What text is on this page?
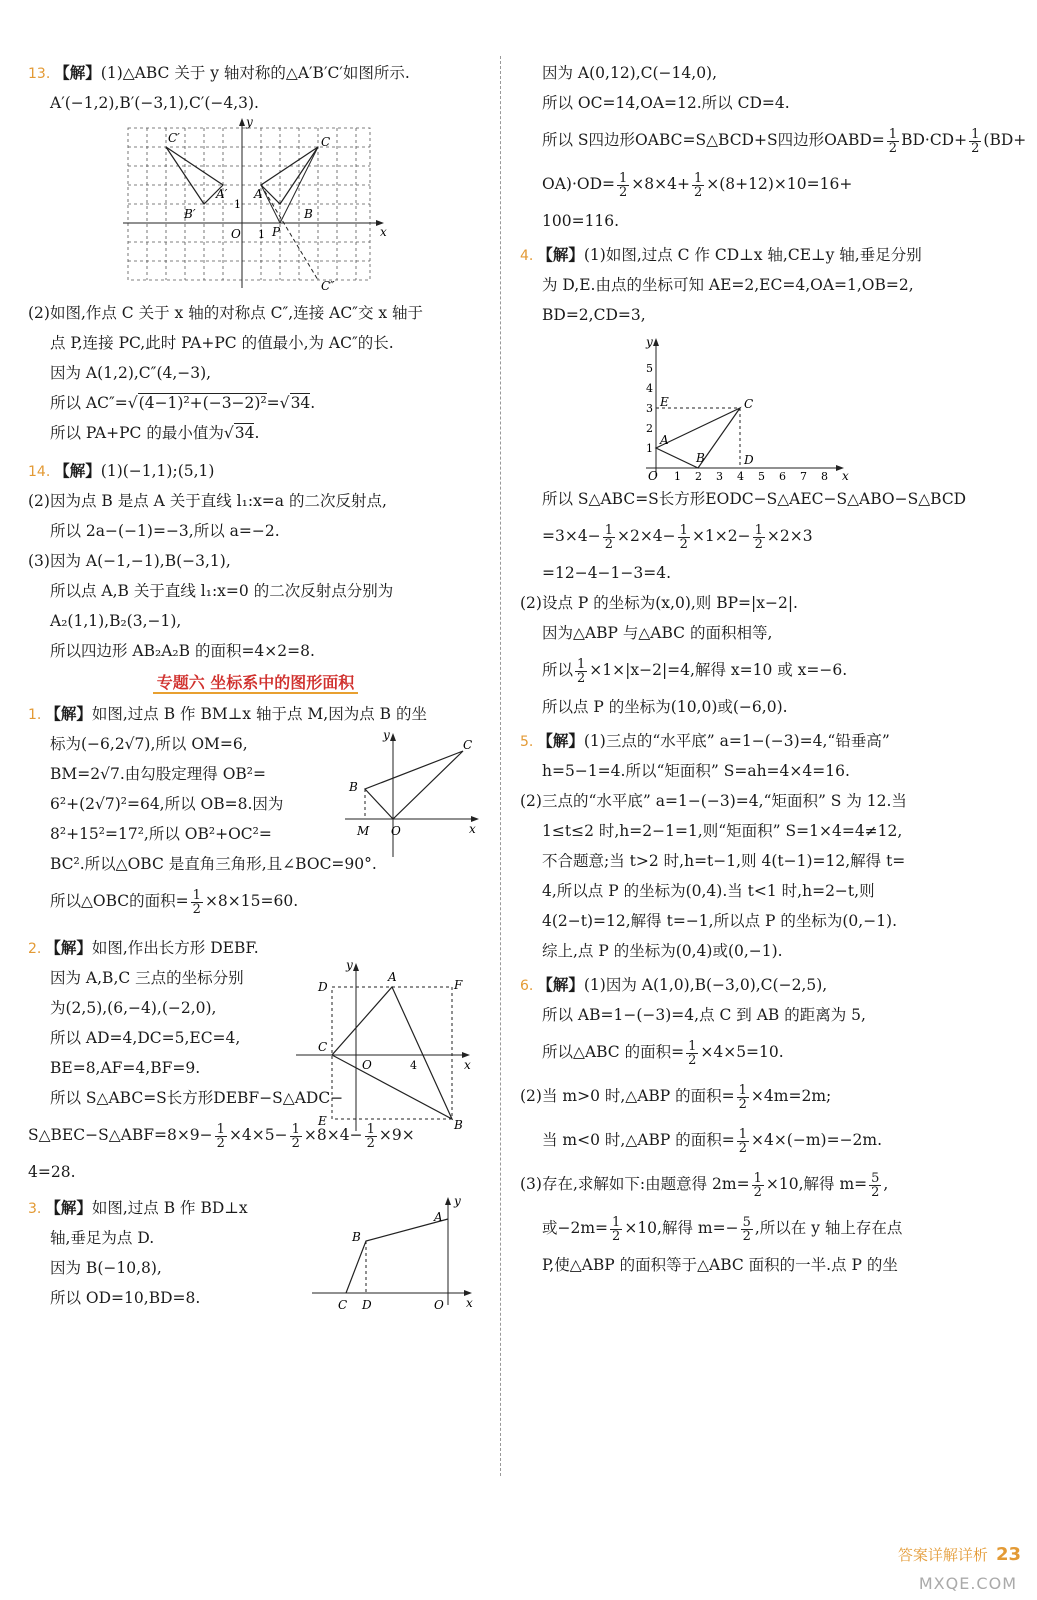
13. 【解】(1)△ABC 关于 y 轴对称的△A′B′C′如图所示.
A′(−1,2),B′(−3,1),C′(−4,3).
y
x
O 1
1
C′
A′
B′
C
A
B
P
C″
(2)如图,作点 C 关于 x 轴的对称点 C″,连接 AC″交 x 轴于
点 P,连接 PC,此时 PA+PC 的值最小,为 AC″的长.
因为 A(1,2),C″(4,−3),
所以 AC″=√(4−1)²+(−3−2)²=√34.
所以 PA+PC 的最小值为√34.
14. 【解】(1)(−1,1);(5,1)
(2)因为点 B 是点 A 关于直线 l₁:x=a 的二次反射点,
所以 2a−(−1)=−3,所以 a=−2.
(3)因为 A(−1,−1),B(−3,1),
所以点 A,B 关于直线 l₁:x=0 的二次反射点分别为
A₂(1,1),B₂(3,−1),
所以四边形 AB₂A₂B 的面积=4×2=8.
专题六 坐标系中的图形面积
1. 【解】如图,过点 B 作 BM⊥x 轴于点 M,因为点 B 的坐
标为(−6,2√7),所以 OM=6,
BM=2√7.由勾股定理得 OB²=
6²+(2√7)²=64,所以 OB=8.因为
8²+15²=17²,所以 OB²+OC²=
BC².所以△OBC 是直角三角形,且∠BOC=90°.
所以△OBC的面积= $\frac{1}{2} \times 8\times 15=60$.
y
x
O
M
B
C
2. 【解】如图,作出长方形 DEBF.
因为 A,B,C 三点的坐标分别
为(2,5),(6,−4),(−2,0),
所以 AD=4,DC=5,EC=4,
BE=8,AF=4,BF=9.
所以 S△ABC=S长方形DEBF−S△ADC−
S△BEC−S△ABF=8×9− $\frac{1}{2} \times 4\times 5- \frac{1}{2} \times 8\times 4- \frac{1}{2} \times 9\times$
4=28.
y
x
O	4
A
D	F
C
E	B
3. 【解】如图,过点 B 作 BD⊥x
轴,垂足为点 D.
因为 B(−10,8),
所以 OD=10,BD=8.
y
x
A
B
C D	O
因为 A(0,12),C(−14,0),
所以 OC=14,OA=12.所以 CD=4.
所以 S四边形OABC=S△BCD+S四边形OABD= $\frac{1}{2} BD\cdot CD+ \frac{1}{2} (BD+$
$OA)\cdot OD= \frac{1}{2} \times 8\times 4+ \frac{1}{2} \times(8+12)\times 10=16+$
100=116.
4. 【解】(1)如图,过点 C 作 CD⊥x 轴,CE⊥y 轴,垂足分别
为 D,E.由点的坐标可知 AE=2,EC=4,OA=1,OB=2,
BD=2,CD=3,
1 2 3 4 5 6 7 8
1
2
3
4
5
y
x
O
E
A
B
C
D
所以 S△ABC=S长方形EODC−S△AEC−S△ABO−S△BCD
$=3\times 4- \frac{1}{2} \times 2\times 4- \frac{1}{2} \times 1\times 2- \frac{1}{2} \times 2\times 3$
=12−4−1−3=4.
(2)设点 P 的坐标为(x,0),则 BP=|x−2|.
因为△ABP 与△ABC 的面积相等,
所以 $\frac{1}{2} \times 1\times|x-2|=4$,解得 x=10 或 x=−6.
所以点 P 的坐标为(10,0)或(−6,0).
5. 【解】(1)三点的“水平底” a=1−(−3)=4,“铅垂高”
h=5−1=4.所以“矩面积” S=ah=4×4=16.
(2)三点的“水平底” a=1−(−3)=4,“矩面积” S 为 12.当
1≤t≤2 时,h=2−1=1,则“矩面积” S=1×4=4≠12,
不合题意;当 t>2 时,h=t−1,则 4(t−1)=12,解得 t=
4,所以点 P 的坐标为(0,4).当 t<1 时,h=2−t,则
4(2−t)=12,解得 t=−1,所以点 P 的坐标为(0,−1).
综上,点 P 的坐标为(0,4)或(0,−1).
6. 【解】(1)因为 A(1,0),B(−3,0),C(−2,5),
所以 AB=1−(−3)=4,点 C 到 AB 的距离为 5,
所以△ABC 的面积= $\frac{1}{2} \times 4\times 5=10$.
(2)当 m>0 时,△ABP 的面积= $\frac{1}{2} \times 4m=2m$;
当 m<0 时,△ABP 的面积= $\frac{1}{2} \times 4\times(-m)=-2m$.
(3)存在,求解如下:由题意得 $2m= \frac{1}{2} \times 10$,解得 $m= \frac{5}{2}$ ,
或$-2m= \frac{1}{2} \times 10$,解得 $m=- \frac{5}{2}$ ,所以在 y 轴上存在点
P,使△ABP 的面积等于△ABC 面积的一半.点 P 的坐
答案详解详析 23
MXQE.COM
